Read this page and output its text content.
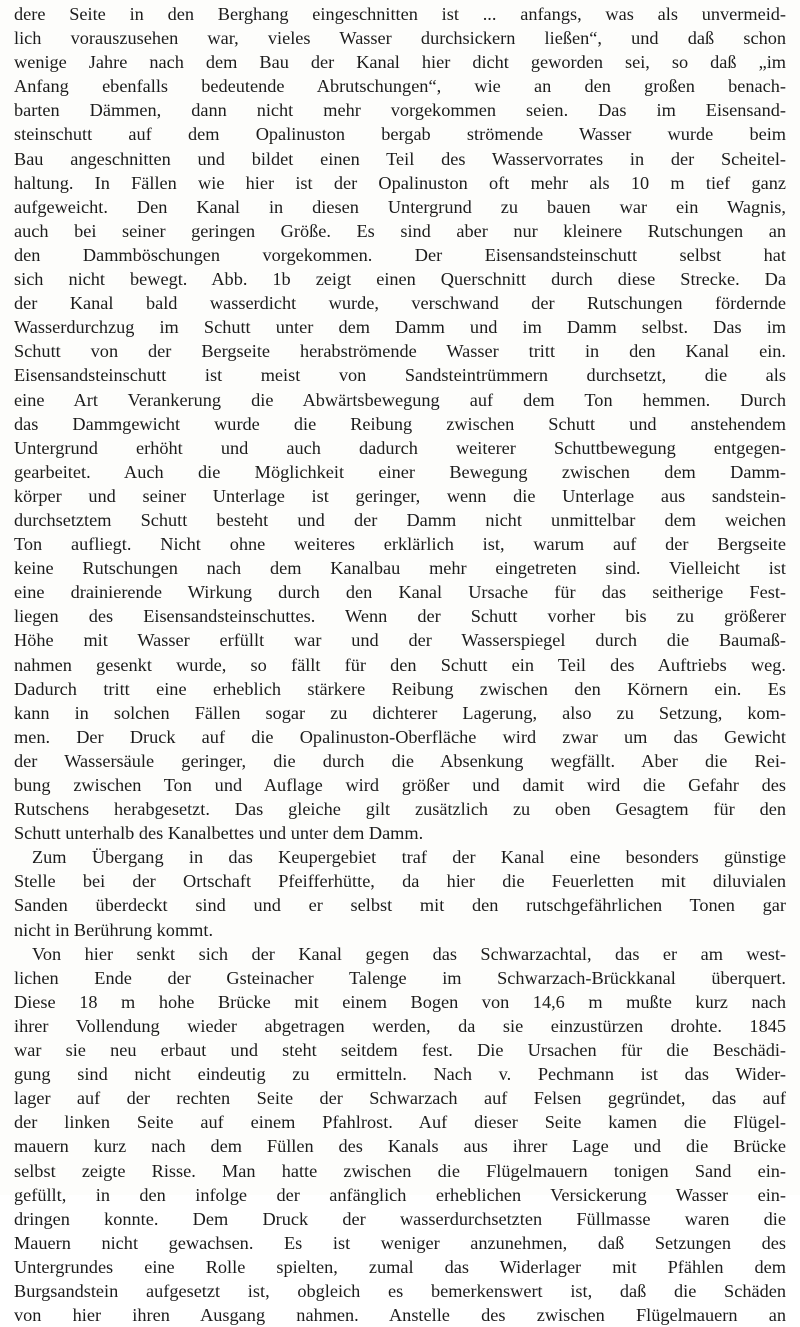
dere Seite in den Berghang eingeschnitten ist ... anfangs, was als unvermeid-
lich vorauszusehen war, vieles Wasser durchsickern ließen“, und daß schon
wenige Jahre nach dem Bau der Kanal hier dicht geworden sei, so daß „im
Anfang ebenfalls bedeutende Abrutschungen“, wie an den großen benach-
barten Dämmen, dann nicht mehr vorgekommen seien. Das im Eisensand-
steinschutt auf dem Opalinuston bergab strömende Wasser wurde beim
Bau angeschnitten und bildet einen Teil des Wasservorrates in der Scheitel-
haltung. In Fällen wie hier ist der Opalinuston oft mehr als 10 m tief ganz
aufgeweicht. Den Kanal in diesen Untergrund zu bauen war ein Wagnis,
auch bei seiner geringen Größe. Es sind aber nur kleinere Rutschungen an
den Dammböschungen vorgekommen. Der Eisensandsteinschutt selbst hat
sich nicht bewegt. Abb. 1b zeigt einen Querschnitt durch diese Strecke. Da
der Kanal bald wasserdicht wurde, verschwand der Rutschungen fördernde
Wasserdurchzug im Schutt unter dem Damm und im Damm selbst. Das im
Schutt von der Bergseite herabströmende Wasser tritt in den Kanal ein.
Eisensandsteinschutt ist meist von Sandsteintrümmern durchsetzt, die als
eine Art Verankerung die Abwärtsbewegung auf dem Ton hemmen. Durch
das Dammgewicht wurde die Reibung zwischen Schutt und anstehendem
Untergrund erhöht und auch dadurch weiterer Schuttbewegung entgegen-
gearbeitet. Auch die Möglichkeit einer Bewegung zwischen dem Damm-
körper und seiner Unterlage ist geringer, wenn die Unterlage aus sandstein-
durchsetztem Schutt besteht und der Damm nicht unmittelbar dem weichen
Ton aufliegt. Nicht ohne weiteres erklärlich ist, warum auf der Bergseite
keine Rutschungen nach dem Kanalbau mehr eingetreten sind. Vielleicht ist
eine drainierende Wirkung durch den Kanal Ursache für das seitherige Fest-
liegen des Eisensandsteinschuttes. Wenn der Schutt vorher bis zu größerer
Höhe mit Wasser erfüllt war und der Wasserspiegel durch die Baumaß-
nahmen gesenkt wurde, so fällt für den Schutt ein Teil des Auftriebs weg.
Dadurch tritt eine erheblich stärkere Reibung zwischen den Körnern ein. Es
kann in solchen Fällen sogar zu dichterer Lagerung, also zu Setzung, kom-
men. Der Druck auf die Opalinuston-Oberfläche wird zwar um das Gewicht
der Wassersäule geringer, die durch die Absenkung wegfällt. Aber die Rei-
bung zwischen Ton und Auflage wird größer und damit wird die Gefahr des
Rutschens herabgesetzt. Das gleiche gilt zusätzlich zu oben Gesagtem für den
Schutt unterhalb des Kanalbettes und unter dem Damm.
Zum Übergang in das Keupergebiet traf der Kanal eine besonders günstige
Stelle bei der Ortschaft Pfeifferhütte, da hier die Feuerletten mit diluvialen
Sanden überdeckt sind und er selbst mit den rutschgefährlichen Tonen gar
nicht in Berührung kommt.
Von hier senkt sich der Kanal gegen das Schwarzachtal, das er am west-
lichen Ende der Gsteinacher Talenge im Schwarzach-Brückkanal überquert.
Diese 18 m hohe Brücke mit einem Bogen von 14,6 m mußte kurz nach
ihrer Vollendung wieder abgetragen werden, da sie einzustürzen drohte. 1845
war sie neu erbaut und steht seitdem fest. Die Ursachen für die Beschädi-
gung sind nicht eindeutig zu ermitteln. Nach v. Pechmann ist das Wider-
lager auf der rechten Seite der Schwarzach auf Felsen gegründet, das auf
der linken Seite auf einem Pfahlrost. Auf dieser Seite kamen die Flügel-
mauern kurz nach dem Füllen des Kanals aus ihrer Lage und die Brücke
selbst zeigte Risse. Man hatte zwischen die Flügelmauern tonigen Sand ein-
gefüllt, in den infolge der anfänglich erheblichen Versickerung Wasser ein-
dringen konnte. Dem Druck der wasserdurchsetzten Füllmasse waren die
Mauern nicht gewachsen. Es ist weniger anzunehmen, daß Setzungen des
Untergrundes eine Rolle spielten, zumal das Widerlager mit Pfählen dem
Burgsandstein aufgesetzt ist, obgleich es bemerkenswert ist, daß die Schäden
von hier ihren Ausgang nahmen. Anstelle des zwischen Flügelmauern an
